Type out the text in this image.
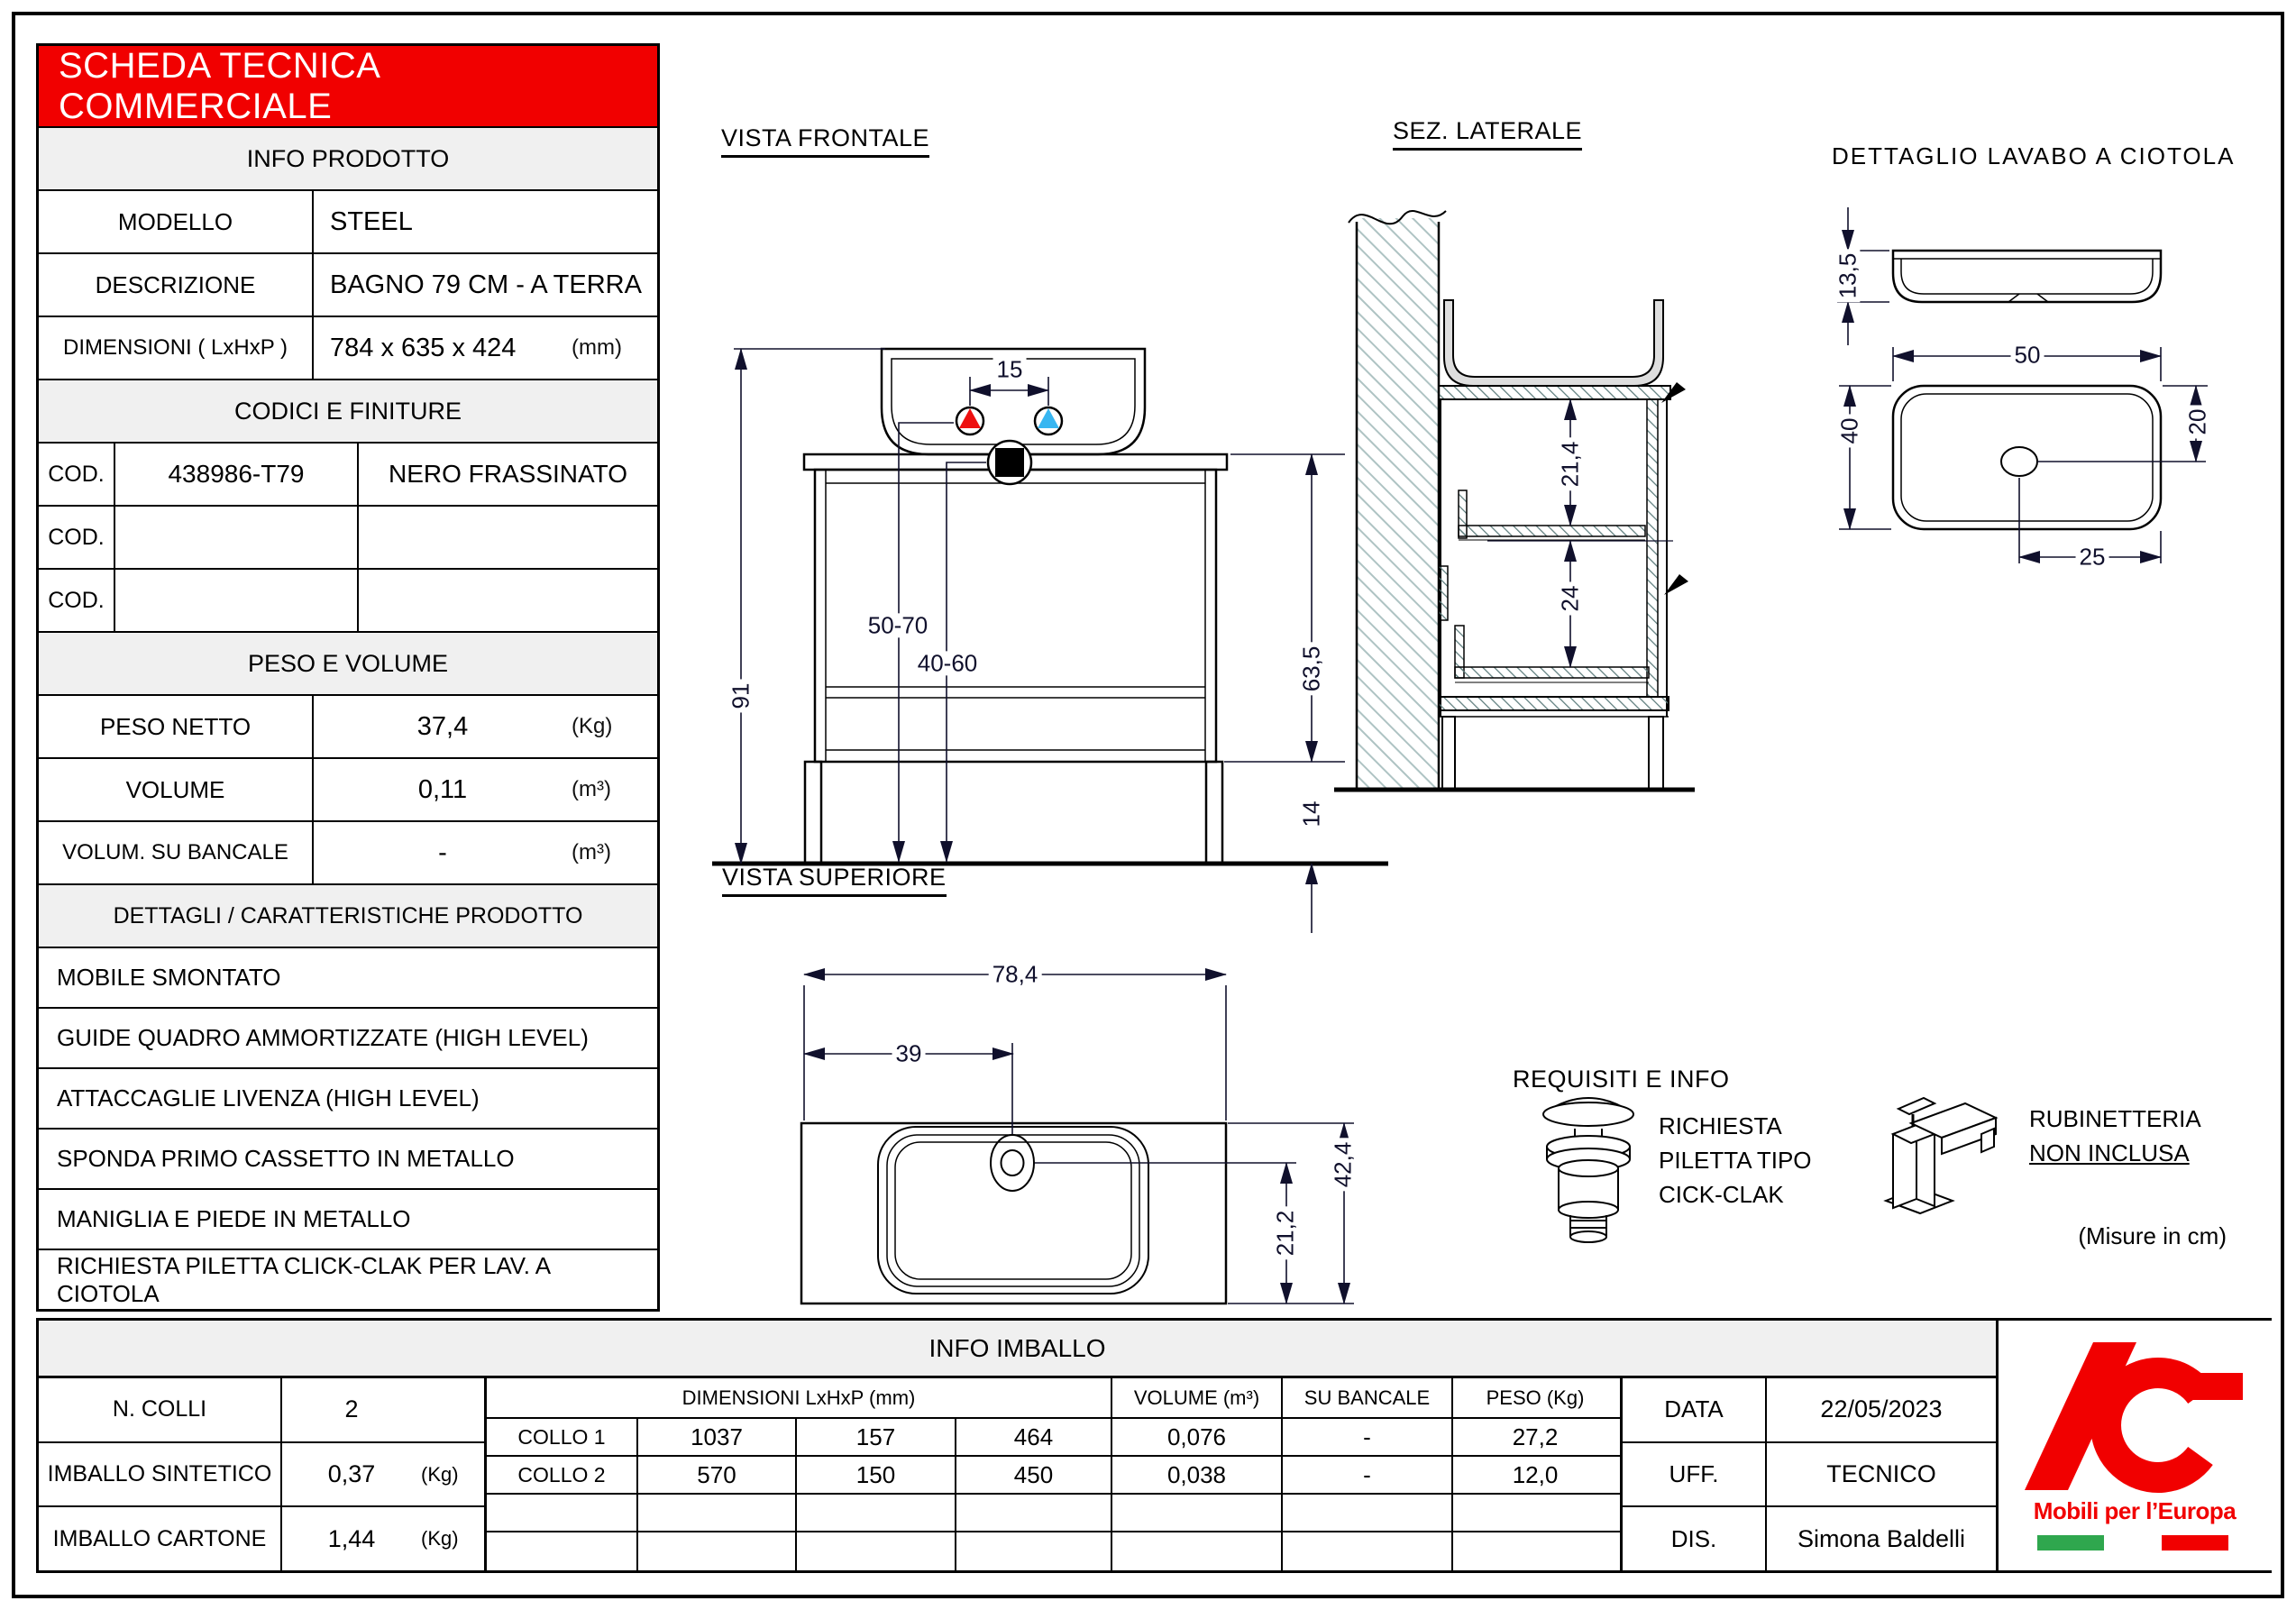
VISTA FRONTALE	SEZ. LATERALE
DETTAGLIO LAVABO A CIOTOLA
VISTA SUPERIORE
REQUISITI E INFO
91
63,5
14
15
50-70
40-60
21,4
24
13,5
50
40	20
25
78,4
39
42,4
21,2
RICHIESTA
PILETTA TIPO
CICK-CLAK
RUBINETTERIA
NON INCLUSA
(Misure in cm)
SCHEDA TECNICA COMMERCIALE
INFO PRODOTTO
MODELLO	STEEL
DESCRIZIONE	BAGNO 79 CM - A TERRA
DIMENSIONI ( LxHxP )	784 x 635 x 424	(mm)
CODICI E FINITURE
COD.	438986-T79	NERO FRASSINATO
COD.
COD.
PESO E VOLUME
PESO NETTO	37,4	(Kg)
VOLUME	0,11	(m³)
VOLUM. SU BANCALE	-	(m³)
DETTAGLI / CARATTERISTICHE PRODOTTO
MOBILE SMONTATO
GUIDE QUADRO AMMORTIZZATE (HIGH LEVEL)
ATTACCAGLIE LIVENZA (HIGH LEVEL)
SPONDA PRIMO CASSETTO IN METALLO
MANIGLIA E PIEDE IN METALLO
RICHIESTA PILETTA CLICK-CLAK PER LAV. A CIOTOLA
INFO IMBALLO
N. COLLI	2
IMBALLO SINTETICO	0,37	(Kg)
IMBALLO CARTONE	1,44	(Kg)
DIMENSIONI LxHxP (mm)	VOLUME (m³)	SU BANCALE	PESO (Kg)
COLLO 1	1037	157	464	0,076	-	27,2
COLLO 2	570	150	450	0,038	-	12,0
DATA	22/05/2023
UFF.	TECNICO
DIS.	Simona Baldelli
Mobili per l’Europa
